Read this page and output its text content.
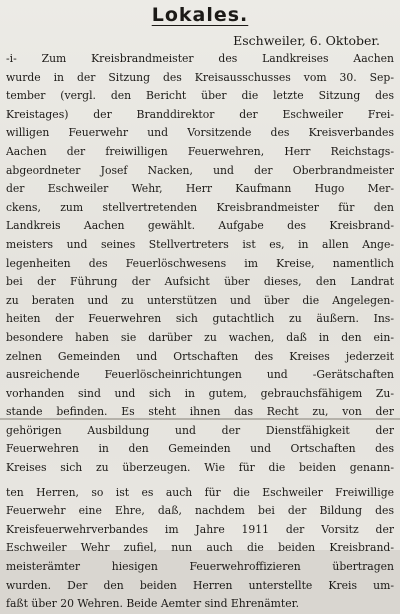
Lokales.
Eschweiler, 6. Oktober.
-i- Zum Kreisbrandmeister des Landkreises Aachen
wurde in der Sitzung des Kreisausschusses vom 30. Sep-
tember (vergl. den Bericht über die letzte Sitzung des
Kreistages) der Branddirektor der Eschweiler Frei-
willigen Feuerwehr und Vorsitzende des Kreisverbandes
Aachen der freiwilligen Feuerwehren, Herr Reichstags-
abgeordneter Josef Nacken, und der Oberbrandmeister
der Eschweiler Wehr, Herr Kaufmann Hugo Mer-
ckens, zum stellvertretenden Kreisbrandmeister für den
Landkreis Aachen gewählt. Aufgabe des Kreisbrand-
meisters und seines Stellvertreters ist es, in allen Ange-
legenheiten des Feuerlöschwesens im Kreise, namentlich
bei der Führung der Aufsicht über dieses, den Landrat
zu beraten und zu unterstützen und über die Angelegen-
heiten der Feuerwehren sich gutachtlich zu äußern. Ins-
besondere haben sie darüber zu wachen, daß in den ein-
zelnen Gemeinden und Ortschaften des Kreises jederzeit
ausreichende Feuerlöscheinrichtungen und -Gerätschaften
vorhanden sind und sich in gutem, gebrauchsfähigem Zu-
stande befinden. Es steht ihnen das Recht zu, von der
gehörigen Ausbildung und der Dienstfähigkeit der
Feuerwehren in den Gemeinden und Ortschaften des
Kreises sich zu überzeugen. Wie für die beiden genann-
ten Herren, so ist es auch für die Eschweiler Freiwillige
Feuerwehr eine Ehre, daß, nachdem bei der Bildung des
Kreisfeuerwehrverbandes im Jahre 1911 der Vorsitz der
Eschweiler Wehr zufiel, nun auch die beiden Kreisbrand-
meisterämter hiesigen Feuerwehroffizieren übertragen
wurden. Der den beiden Herren unterstellte Kreis um-
faßt über 20 Wehren. Beide Aemter sind Ehrenämter.
